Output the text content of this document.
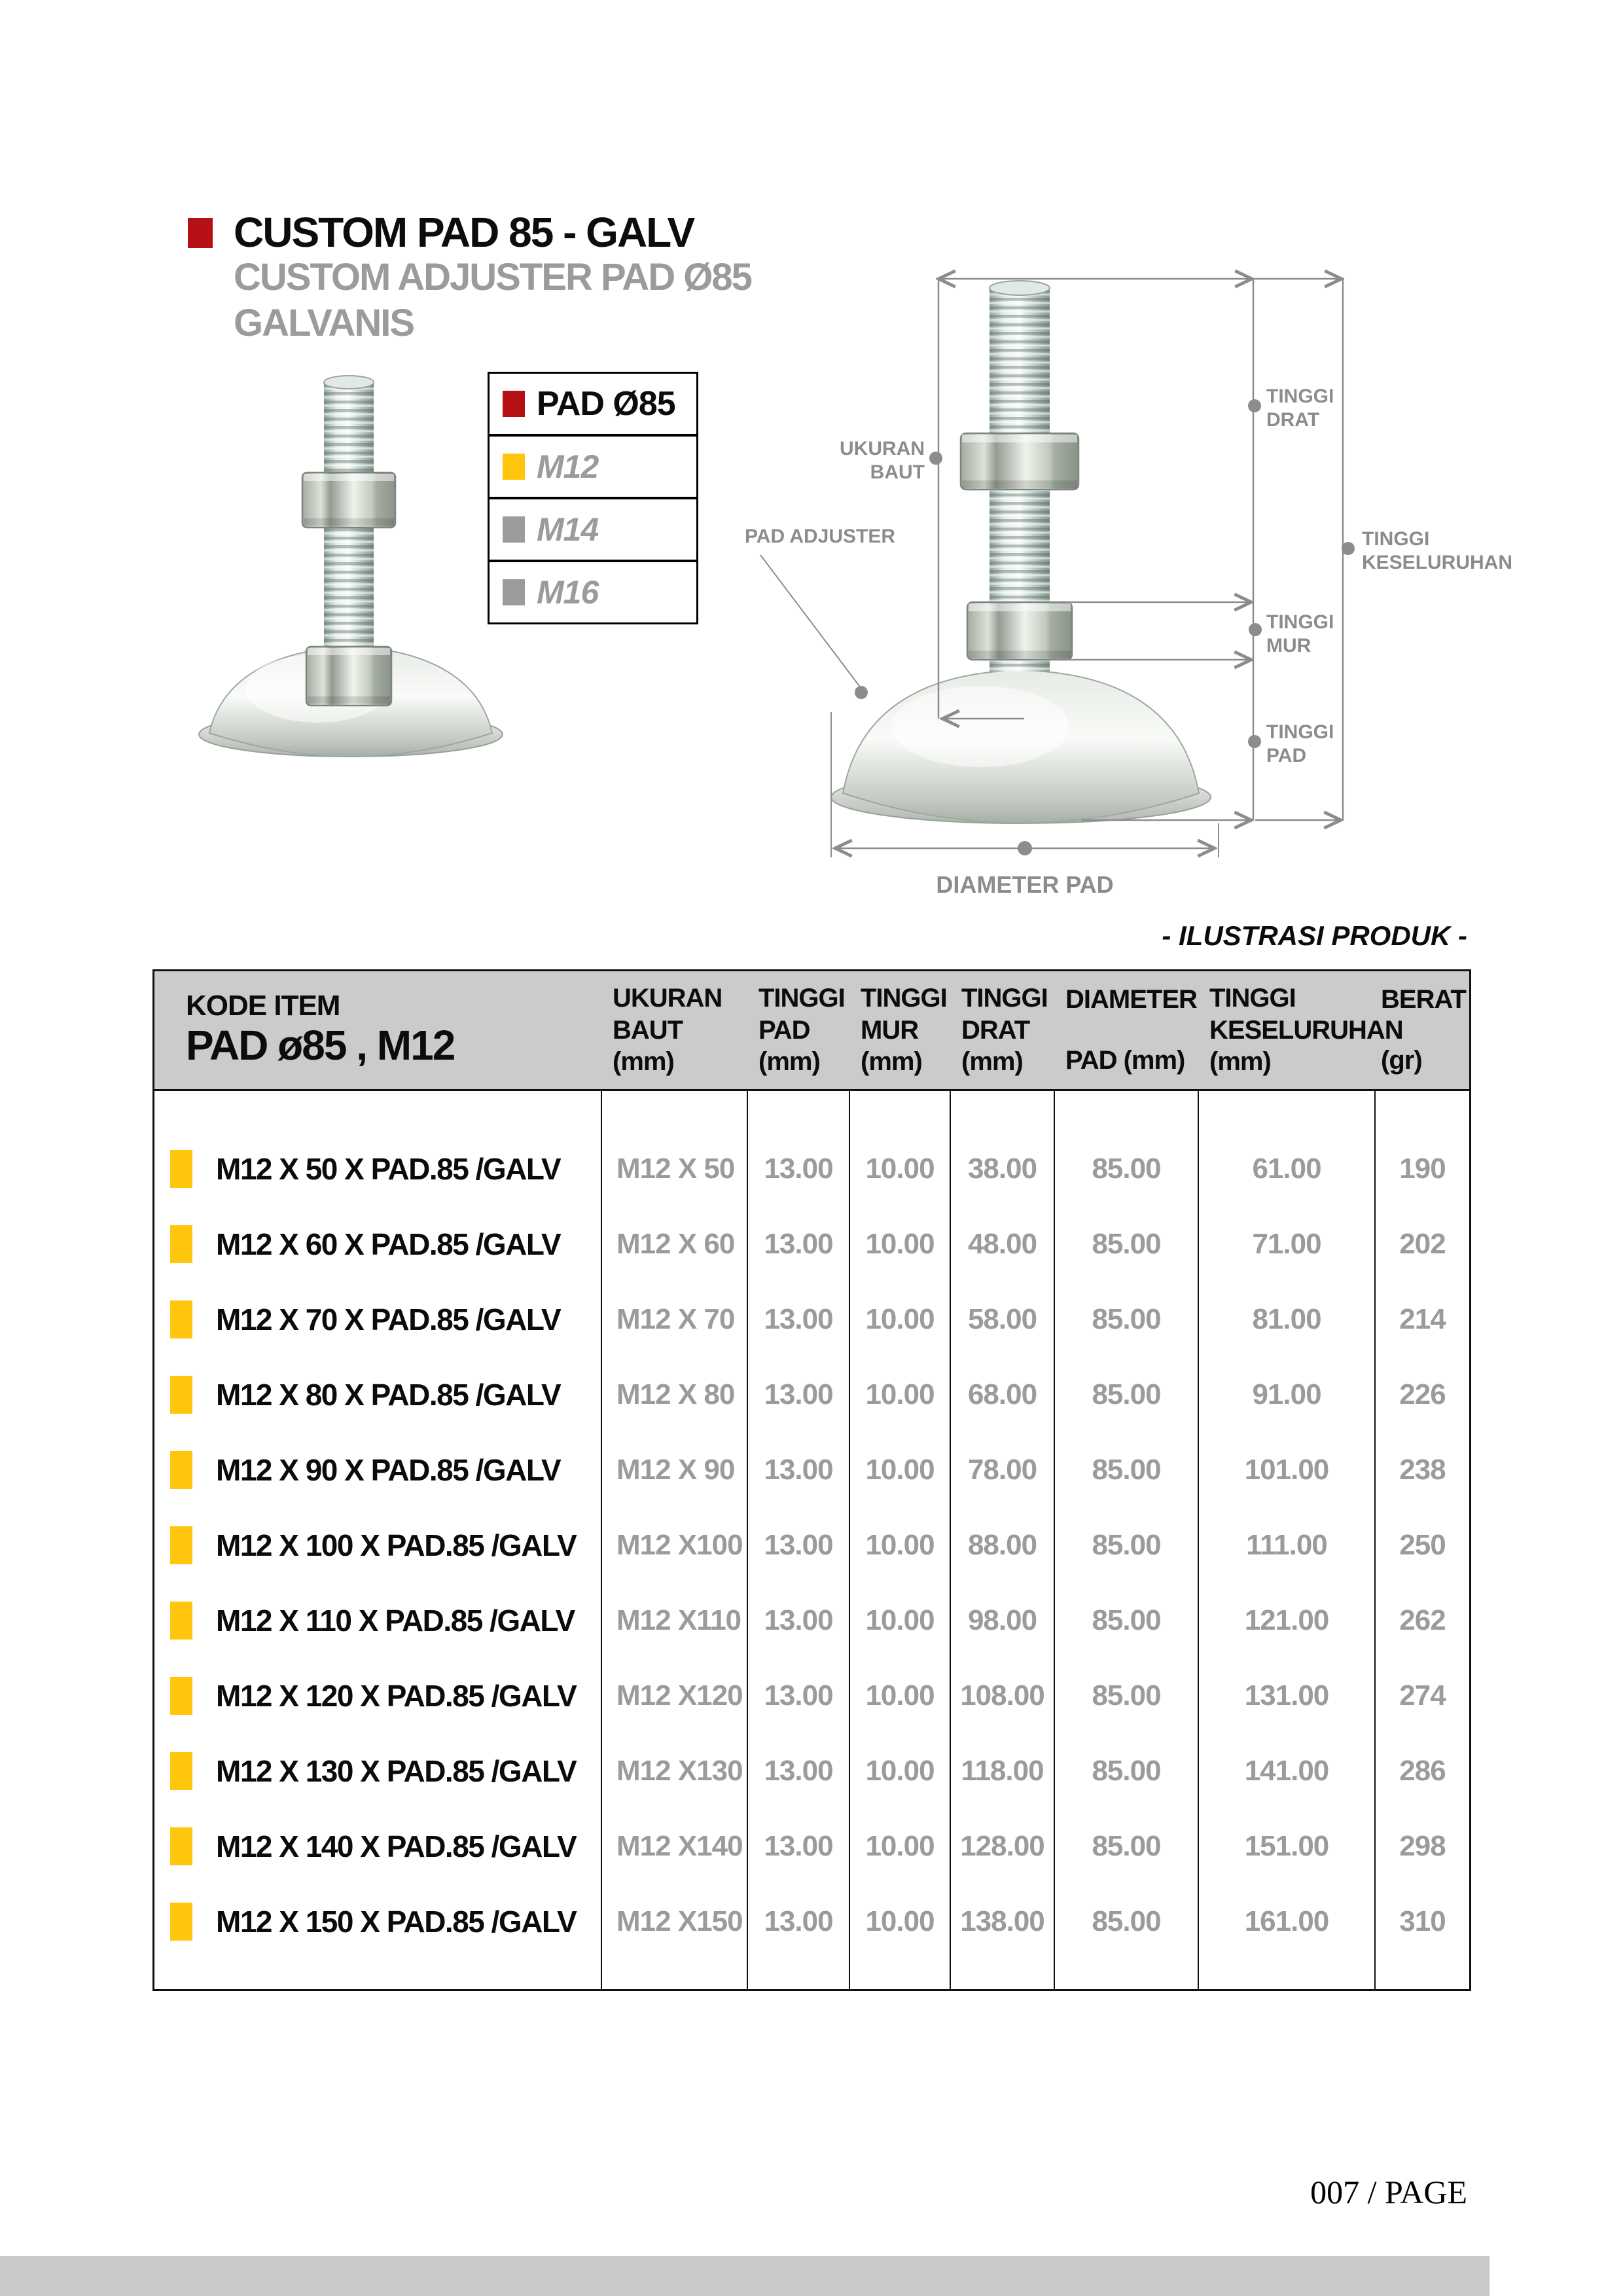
CUSTOM PAD 85 - GALV
CUSTOM ADJUSTER PAD Ø85
GALVANIS
PAD Ø85
M12
M14
M16
UKURAN
BAUT
PAD ADJUSTER
TINGGI
DRAT
TINGGI
KESELURUHAN
TINGGI
MUR
TINGGI
PAD
DIAMETER PAD
- ILUSTRASI PRODUK -
KODE ITEM
PAD ø85 , M12
UKURAN
BAUT
(mm)
TINGGI
PAD
(mm)
TINGGI
MUR
(mm)
TINGGI
DRAT
(mm)
DIAMETER
PAD (mm)
TINGGI
KESELURUHAN
(mm)
BERAT
(gr)
M12 X 50 X PAD.85 /GALV
M12 X 60 X PAD.85 /GALV
M12 X 70 X PAD.85 /GALV
M12 X 80 X PAD.85 /GALV
M12 X 90 X PAD.85 /GALV
M12 X 100 X PAD.85 /GALV
M12 X 110 X PAD.85 /GALV
M12 X 120 X PAD.85 /GALV
M12 X 130 X PAD.85 /GALV
M12 X 140 X PAD.85 /GALV
M12 X 150 X PAD.85 /GALV
M12 X 50
M12 X 60
M12 X 70
M12 X 80
M12 X 90
M12 X100
M12 X110
M12 X120
M12 X130
M12 X140
M12 X150
13.00
13.00
13.00
13.00
13.00
13.00
13.00
13.00
13.00
13.00
13.00
10.00
10.00
10.00
10.00
10.00
10.00
10.00
10.00
10.00
10.00
10.00
38.00
48.00
58.00
68.00
78.00
88.00
98.00
108.00
118.00
128.00
138.00
85.00
85.00
85.00
85.00
85.00
85.00
85.00
85.00
85.00
85.00
85.00
61.00
71.00
81.00
91.00
101.00
111.00
121.00
131.00
141.00
151.00
161.00
190
202
214
226
238
250
262
274
286
298
310
007 / PAGE
